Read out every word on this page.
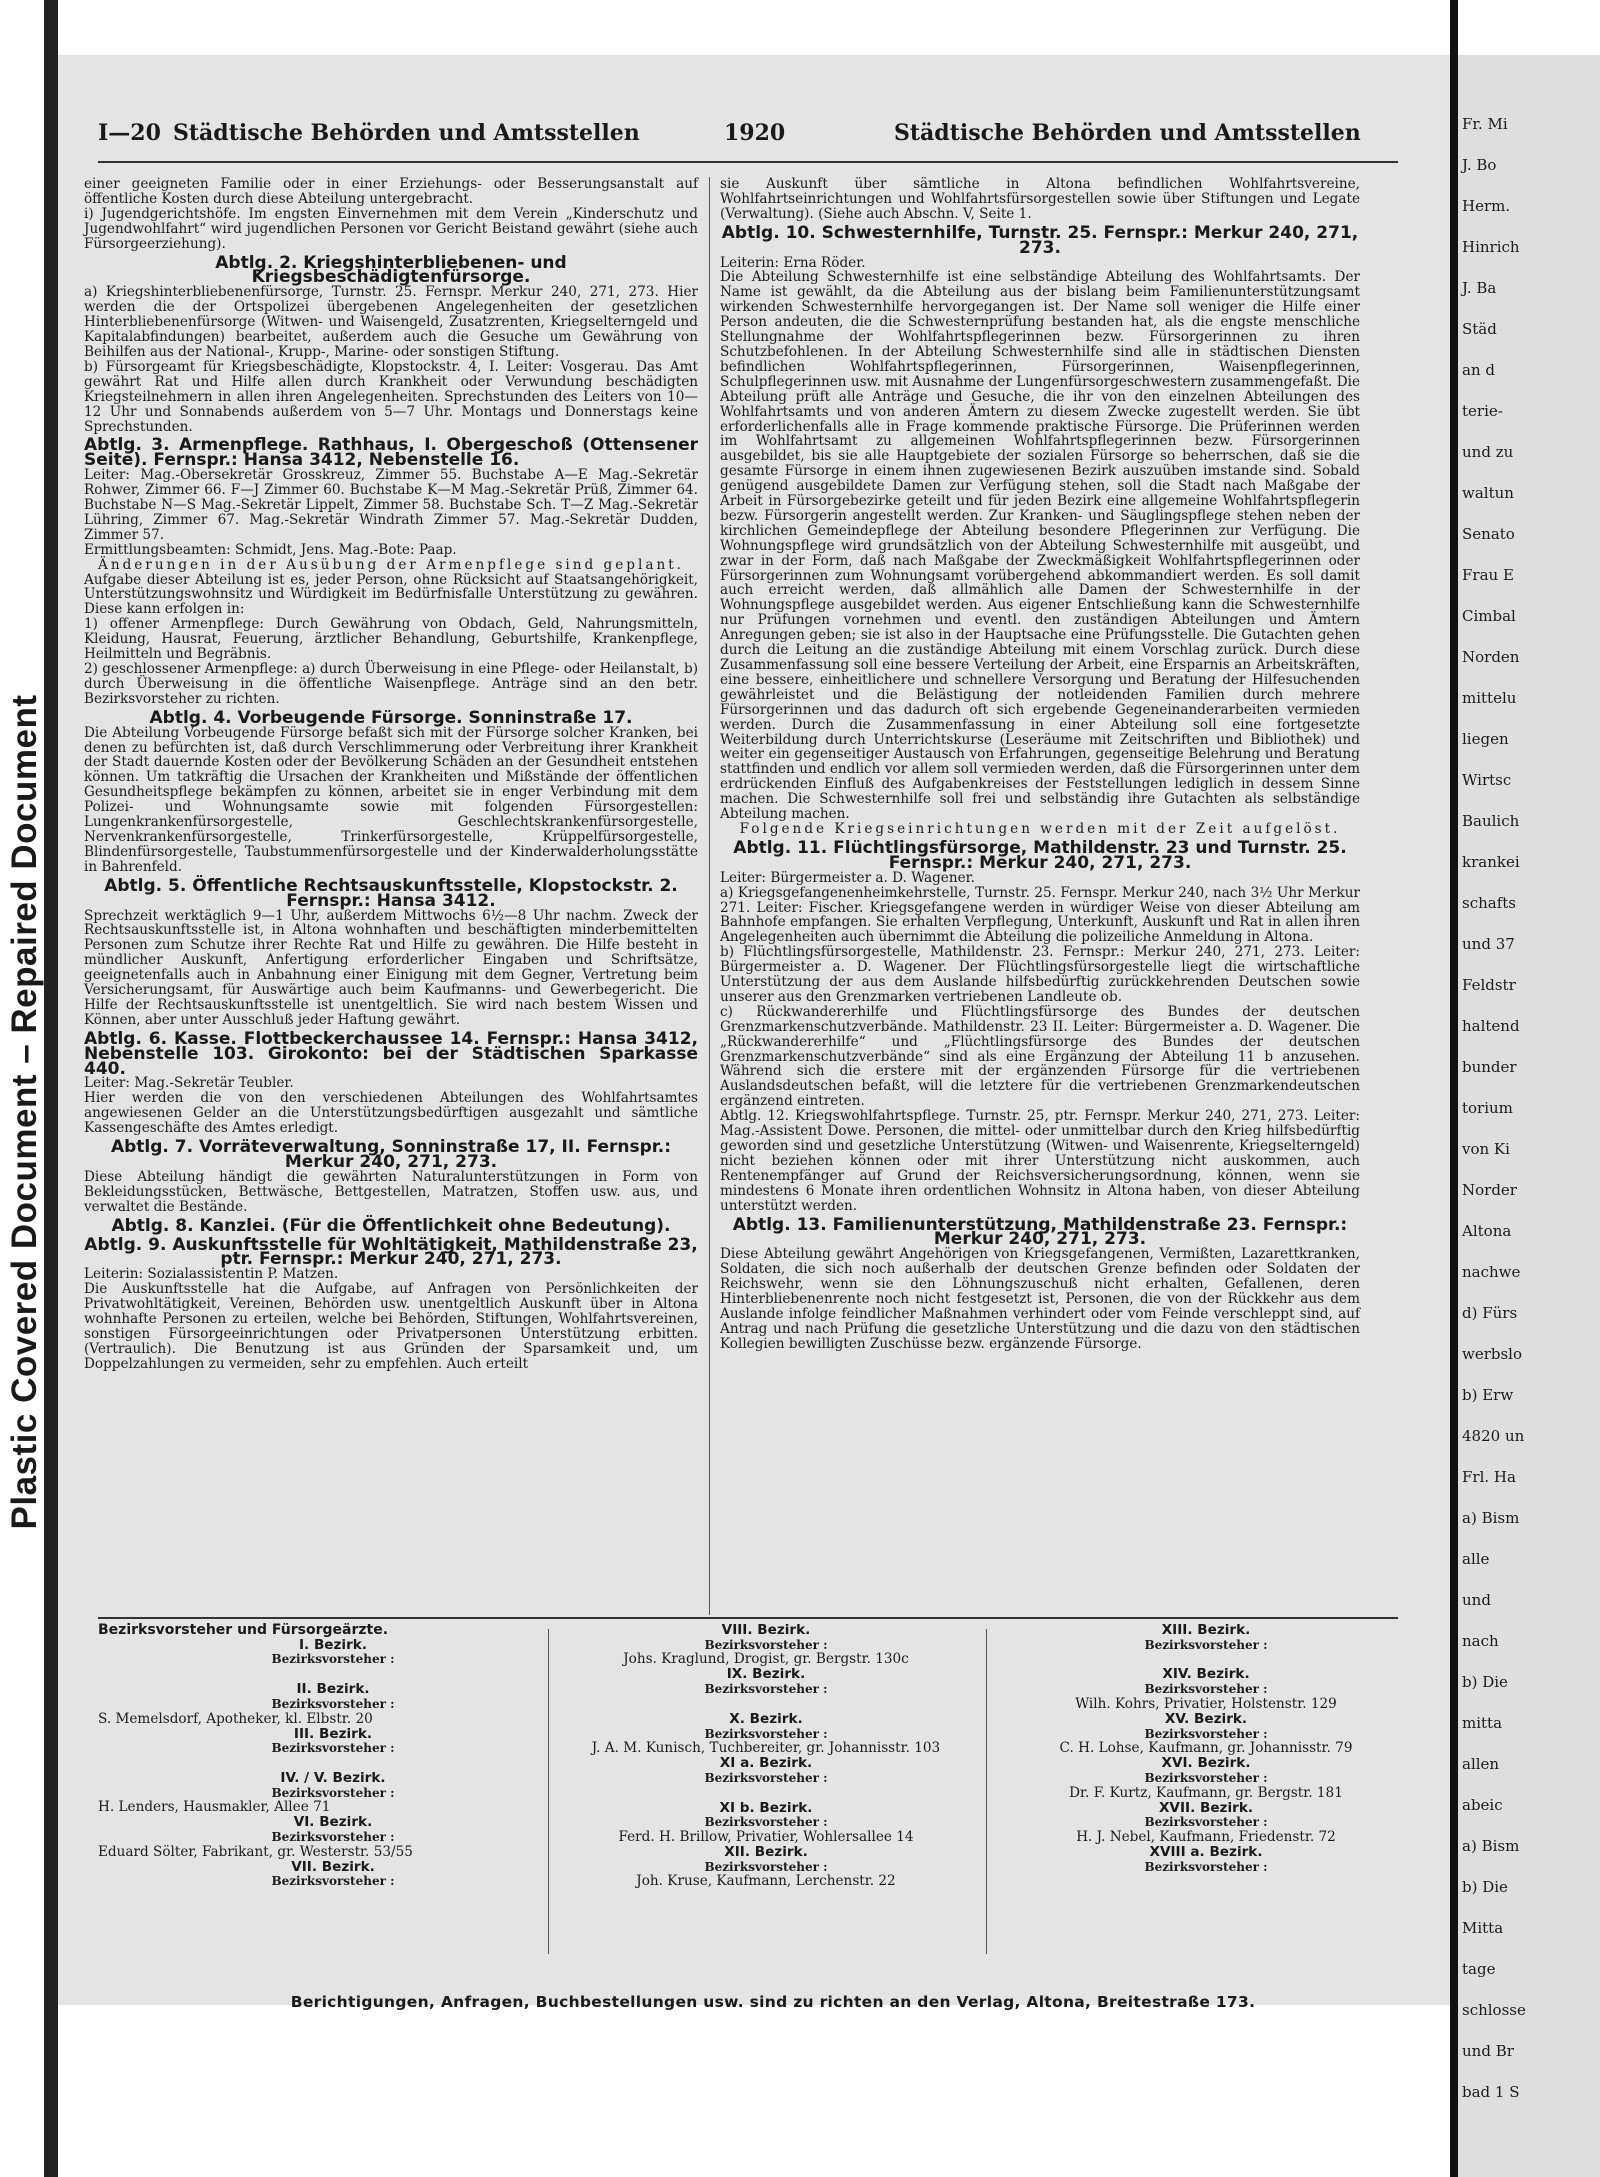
Plastic Covered Document – Repaired Document
I—20 Städtische Behörden und Amtsstellen	1920	Städtische Behörden und Amtsstellen

einer geeigneten Familie oder in einer Erziehungs- oder Besserungsanstalt auf öffentliche Kosten durch diese Abteilung untergebracht.

i) Jugendgerichtshöfe. Im engsten Einvernehmen mit dem Verein „Kinderschutz und Jugendwohlfahrt“ wird jugendlichen Personen vor Gericht Beistand gewährt (siehe auch Fürsorgeerziehung).

Abtlg. 2. Kriegshinterbliebenen- und Kriegsbeschädigtenfürsorge.

a) Kriegshinterbliebenenfürsorge, Turnstr. 25. Fernspr. Merkur 240, 271, 273. Hier werden die der Ortspolizei übergebenen Angelegenheiten der gesetzlichen Hinterbliebenenfürsorge (Witwen- und Waisengeld, Zusatzrenten, Kriegselterngeld und Kapitalabfindungen) bearbeitet, außerdem auch die Gesuche um Gewährung von Beihilfen aus der National-, Krupp-, Marine- oder sonstigen Stiftung.

b) Fürsorgeamt für Kriegsbeschädigte, Klopstockstr. 4, I. Leiter: Vosgerau. Das Amt gewährt Rat und Hilfe allen durch Krankheit oder Verwundung beschädigten Kriegsteilnehmern in allen ihren Angelegenheiten. Sprechstunden des Leiters von 10—12 Uhr und Sonnabends außerdem von 5—7 Uhr. Montags und Donnerstags keine Sprechstunden.

Abtlg. 3. Armenpflege. Rathhaus, I. Obergeschoß (Ottensener Seite). Fernspr.: Hansa 3412, Nebenstelle 16.

Leiter: Mag.-Obersekretär Grosskreuz, Zimmer 55. Buchstabe A—E Mag.-Sekretär Rohwer, Zimmer 66. F—J Zimmer 60. Buchstabe K—M Mag.-Sekretär Prüß, Zimmer 64. Buchstabe N—S Mag.-Sekretär Lippelt, Zimmer 58. Buchstabe Sch. T—Z Mag.-Sekretär Lühring, Zimmer 67. Mag.-Sekretär Windrath Zimmer 57. Mag.-Sekretär Dudden, Zimmer 57.

Ermittlungsbeamten: Schmidt, Jens. Mag.-Bote: Paap.

Änderungen in der Ausübung der Armenpflege sind geplant.

Aufgabe dieser Abteilung ist es, jeder Person, ohne Rücksicht auf Staatsangehörigkeit, Unterstützungswohnsitz und Würdigkeit im Bedürfnisfalle Unterstützung zu gewähren. Diese kann erfolgen in:

1) offener Armenpflege: Durch Gewährung von Obdach, Geld, Nahrungsmitteln, Kleidung, Hausrat, Feuerung, ärztlicher Behandlung, Geburtshilfe, Krankenpflege, Heilmitteln und Begräbnis.

2) geschlossener Armenpflege: a) durch Überweisung in eine Pflege- oder Heilanstalt, b) durch Überweisung in die öffentliche Waisenpflege. Anträge sind an den betr. Bezirksvorsteher zu richten.

Abtlg. 4. Vorbeugende Fürsorge. Sonninstraße 17.

Die Abteilung Vorbeugende Fürsorge befaßt sich mit der Fürsorge solcher Kranken, bei denen zu befürchten ist, daß durch Verschlimmerung oder Verbreitung ihrer Krankheit der Stadt dauernde Kosten oder der Bevölkerung Schäden an der Gesundheit entstehen können. Um tatkräftig die Ursachen der Krankheiten und Mißstände der öffentlichen Gesundheitspflege bekämpfen zu können, arbeitet sie in enger Verbindung mit dem Polizei- und Wohnungsamte sowie mit folgenden Fürsorgestellen: Lungenkrankenfürsorgestelle, Geschlechtskrankenfürsorgestelle, Nervenkrankenfürsorgestelle, Trinkerfürsorgestelle, Krüppelfürsorgestelle, Blindenfürsorgestelle, Taubstummenfürsorgestelle und der Kinderwalderholungsstätte in Bahrenfeld.

Abtlg. 5. Öffentliche Rechtsauskunftsstelle, Klopstockstr. 2. Fernspr.: Hansa 3412.

Sprechzeit werktäglich 9—1 Uhr, außerdem Mittwochs 6½—8 Uhr nachm. Zweck der Rechtsauskunftsstelle ist, in Altona wohnhaften und beschäftigten minderbemittelten Personen zum Schutze ihrer Rechte Rat und Hilfe zu gewähren. Die Hilfe besteht in mündlicher Auskunft, Anfertigung erforderlicher Eingaben und Schriftsätze, geeignetenfalls auch in Anbahnung einer Einigung mit dem Gegner, Vertretung beim Versicherungsamt, für Auswärtige auch beim Kaufmanns- und Gewerbegericht. Die Hilfe der Rechtsauskunftsstelle ist unentgeltlich. Sie wird nach bestem Wissen und Können, aber unter Ausschluß jeder Haftung gewährt.

Abtlg. 6. Kasse. Flottbeckerchaussee 14. Fernspr.: Hansa 3412, Nebenstelle 103. Girokonto: bei der Städtischen Sparkasse 440.

Leiter: Mag.-Sekretär Teubler.

Hier werden die von den verschiedenen Abteilungen des Wohlfahrtsamtes angewiesenen Gelder an die Unterstützungsbedürftigen ausgezahlt und sämtliche Kassengeschäfte des Amtes erledigt.

Abtlg. 7. Vorräteverwaltung, Sonninstraße 17, II. Fernspr.: Merkur 240, 271, 273.

Diese Abteilung händigt die gewährten Naturalunterstützungen in Form von Bekleidungsstücken, Bettwäsche, Bettgestellen, Matratzen, Stoffen usw. aus, und verwaltet die Bestände.

Abtlg. 8. Kanzlei. (Für die Öffentlichkeit ohne Bedeutung).

Abtlg. 9. Auskunftsstelle für Wohltätigkeit, Mathildenstraße 23, ptr. Fernspr.: Merkur 240, 271, 273.

Leiterin: Sozialassistentin P. Matzen.

Die Auskunftsstelle hat die Aufgabe, auf Anfragen von Persönlichkeiten der Privatwohltätigkeit, Vereinen, Behörden usw. unentgeltlich Auskunft über in Altona wohnhafte Personen zu erteilen, welche bei Behörden, Stiftungen, Wohlfahrtsvereinen, sonstigen Fürsorgeeinrichtungen oder Privatpersonen Unterstützung erbitten. (Vertraulich). Die Benutzung ist aus Gründen der Sparsamkeit und, um Doppelzahlungen zu vermeiden, sehr zu empfehlen. Auch erteilt

sie Auskunft über sämtliche in Altona befindlichen Wohlfahrtsvereine, Wohlfahrtseinrichtungen und Wohlfahrtsfürsorgestellen sowie über Stiftungen und Legate (Verwaltung). (Siehe auch Abschn. V, Seite 1.

Abtlg. 10. Schwesternhilfe, Turnstr. 25. Fernspr.: Merkur 240, 271, 273.

Leiterin: Erna Röder.

Die Abteilung Schwesternhilfe ist eine selbständige Abteilung des Wohlfahrtsamts. Der Name ist gewählt, da die Abteilung aus der bislang beim Familienunterstützungsamt wirkenden Schwesternhilfe hervorgegangen ist. Der Name soll weniger die Hilfe einer Person andeuten, die die Schwesternprüfung bestanden hat, als die engste menschliche Stellungnahme der Wohlfahrtspflegerinnen bezw. Fürsorgerinnen zu ihren Schutzbefohlenen. In der Abteilung Schwesternhilfe sind alle in städtischen Diensten befindlichen Wohlfahrtspflegerinnen, Fürsorgerinnen, Waisenpflegerinnen, Schulpflegerinnen usw. mit Ausnahme der Lungenfürsorgeschwestern zusammengefaßt. Die Abteilung prüft alle Anträge und Gesuche, die ihr von den einzelnen Abteilungen des Wohlfahrtsamts und von anderen Ämtern zu diesem Zwecke zugestellt werden. Sie übt erforderlichenfalls alle in Frage kommende praktische Fürsorge. Die Prüferinnen werden im Wohlfahrtsamt zu allgemeinen Wohlfahrtspflegerinnen bezw. Fürsorgerinnen ausgebildet, bis sie alle Hauptgebiete der sozialen Fürsorge so beherrschen, daß sie die gesamte Fürsorge in einem ihnen zugewiesenen Bezirk auszuüben imstande sind. Sobald genügend ausgebildete Damen zur Verfügung stehen, soll die Stadt nach Maßgabe der Arbeit in Fürsorgebezirke geteilt und für jeden Bezirk eine allgemeine Wohlfahrtspflegerin bezw. Fürsorgerin angestellt werden. Zur Kranken- und Säuglingspflege stehen neben der kirchlichen Gemeindepflege der Abteilung besondere Pflegerinnen zur Verfügung. Die Wohnungspflege wird grundsätzlich von der Abteilung Schwesternhilfe mit ausgeübt, und zwar in der Form, daß nach Maßgabe der Zweckmäßigkeit Wohlfahrtspflegerinnen oder Fürsorgerinnen zum Wohnungsamt vorübergehend abkommandiert werden. Es soll damit auch erreicht werden, daß allmählich alle Damen der Schwesternhilfe in der Wohnungspflege ausgebildet werden. Aus eigener Entschließung kann die Schwesternhilfe nur Prüfungen vornehmen und eventl. den zuständigen Abteilungen und Ämtern Anregungen geben; sie ist also in der Hauptsache eine Prüfungsstelle. Die Gutachten gehen durch die Leitung an die zuständige Abteilung mit einem Vorschlag zurück. Durch diese Zusammenfassung soll eine bessere Verteilung der Arbeit, eine Ersparnis an Arbeitskräften, eine bessere, einheitlichere und schnellere Versorgung und Beratung der Hilfesuchenden gewährleistet und die Belästigung der notleidenden Familien durch mehrere Fürsorgerinnen und das dadurch oft sich ergebende Gegeneinanderarbeiten vermieden werden. Durch die Zusammenfassung in einer Abteilung soll eine fortgesetzte Weiterbildung durch Unterrichtskurse (Leseräume mit Zeitschriften und Bibliothek) und weiter ein gegenseitiger Austausch von Erfahrungen, gegenseitige Belehrung und Beratung stattfinden und endlich vor allem soll vermieden werden, daß die Fürsorgerinnen unter dem erdrückenden Einfluß des Aufgabenkreises der Feststellungen lediglich in dessem Sinne machen. Die Schwesternhilfe soll frei und selbständig ihre Gutachten als selbständige Abteilung machen.

Folgende Kriegseinrichtungen werden mit der Zeit aufgelöst.

Abtlg. 11. Flüchtlingsfürsorge, Mathildenstr. 23 und Turnstr. 25. Fernspr.: Merkur 240, 271, 273.

Leiter: Bürgermeister a. D. Wagener.

a) Kriegsgefangenenheimkehrstelle, Turnstr. 25. Fernspr. Merkur 240, nach 3½ Uhr Merkur 271. Leiter: Fischer. Kriegsgefangene werden in würdiger Weise von dieser Abteilung am Bahnhofe empfangen. Sie erhalten Verpflegung, Unterkunft, Auskunft und Rat in allen ihren Angelegenheiten auch übernimmt die Abteilung die polizeiliche Anmeldung in Altona.

b) Flüchtlingsfürsorgestelle, Mathildenstr. 23. Fernspr.: Merkur 240, 271, 273. Leiter: Bürgermeister a. D. Wagener. Der Flüchtlingsfürsorgestelle liegt die wirtschaftliche Unterstützung der aus dem Auslande hilfsbedürftig zurückkehrenden Deutschen sowie unserer aus den Grenzmarken vertriebenen Landleute ob.

c) Rückwandererhilfe und Flüchtlingsfürsorge des Bundes der deutschen Grenzmarkenschutzverbände. Mathildenstr. 23 II. Leiter: Bürgermeister a. D. Wagener. Die „Rückwandererhilfe“ und „Flüchtlingsfürsorge des Bundes der deutschen Grenzmarkenschutzverbände“ sind als eine Ergänzung der Abteilung 11 b anzusehen. Während sich die erstere mit der ergänzenden Fürsorge für die vertriebenen Auslandsdeutschen befaßt, will die letztere für die vertriebenen Grenzmarkendeutschen ergänzend eintreten.

Abtlg. 12. Kriegswohlfahrtspflege. Turnstr. 25, ptr. Fernspr. Merkur 240, 271, 273. Leiter: Mag.-Assistent Dowe. Personen, die mittel- oder unmittelbar durch den Krieg hilfsbedürftig geworden sind und gesetzliche Unterstützung (Witwen- und Waisenrente, Kriegselterngeld) nicht beziehen können oder mit ihrer Unterstützung nicht auskommen, auch Rentenempfänger auf Grund der Reichsversicherungsordnung, können, wenn sie mindestens 6 Monate ihren ordentlichen Wohnsitz in Altona haben, von dieser Abteilung unterstützt werden.

Abtlg. 13. Familienunterstützung, Mathildenstraße 23. Fernspr.: Merkur 240, 271, 273.

Diese Abteilung gewährt Angehörigen von Kriegsgefangenen, Vermißten, Lazarettkranken, Soldaten, die sich noch außerhalb der deutschen Grenze befinden oder Soldaten der Reichswehr, wenn sie den Löhnungszuschuß nicht erhalten, Gefallenen, deren Hinterbliebenenrente noch nicht festgesetzt ist, Personen, die von der Rückkehr aus dem Auslande infolge feindlicher Maßnahmen verhindert oder vom Feinde verschleppt sind, auf Antrag und nach Prüfung die gesetzliche Unterstützung und die dazu von den städtischen Kollegien bewilligten Zuschüsse bezw. ergänzende Fürsorge.

Bezirksvorsteher und Fürsorgeärzte.
I. Bezirk.
Bezirksvorsteher :
II. Bezirk.
Bezirksvorsteher :
S. Memelsdorf, Apotheker, kl. Elbstr. 20
III. Bezirk.
Bezirksvorsteher :
IV. / V. Bezirk.
Bezirksvorsteher :
H. Lenders, Hausmakler, Allee 71
VI. Bezirk.
Bezirksvorsteher :
Eduard Sölter, Fabrikant, gr. Westerstr. 53/55
VII. Bezirk.
Bezirksvorsteher :
VIII. Bezirk.
Bezirksvorsteher :
Johs. Kraglund, Drogist, gr. Bergstr. 130c
IX. Bezirk.
Bezirksvorsteher :
X. Bezirk.
Bezirksvorsteher :
J. A. M. Kunisch, Tuchbereiter, gr. Johannisstr. 103
XI a. Bezirk.
Bezirksvorsteher :
XI b. Bezirk.
Bezirksvorsteher :
Ferd. H. Brillow, Privatier, Wohlersallee 14
XII. Bezirk.
Bezirksvorsteher :
Joh. Kruse, Kaufmann, Lerchenstr. 22
XIII. Bezirk.
Bezirksvorsteher :
XIV. Bezirk.
Bezirksvorsteher :
Wilh. Kohrs, Privatier, Holstenstr. 129
XV. Bezirk.
Bezirksvorsteher :
C. H. Lohse, Kaufmann, gr. Johannisstr. 79
XVI. Bezirk.
Bezirksvorsteher :
Dr. F. Kurtz, Kaufmann, gr. Bergstr. 181
XVII. Bezirk.
Bezirksvorsteher :
H. J. Nebel, Kaufmann, Friedenstr. 72
XVIII a. Bezirk.
Bezirksvorsteher :
Berichtigungen, Anfragen, Buchbestellungen usw. sind zu richten an den Verlag, Altona, Breitestraße 173.
Fr. Mi
J. Bo
Herm.
Hinrich
J. Ba
Städ
an d
terie-
und zu
waltun
Senato
Frau E
Cimbal
Norden
mittelu
liegen
Wirtsc
Baulich
krankei
schafts
und 37
Feldstr
haltend
bunder
torium
von Ki
Norder
Altona
nachwe
d) Fürs
werbslo
b) Erw
4820 un
Frl. Ha
a) Bism
alle
und
nach
b) Die
mitta
allen
abeic
a) Bism
b) Die
Mitta
tage
schlosse
und Br
bad 1 S
